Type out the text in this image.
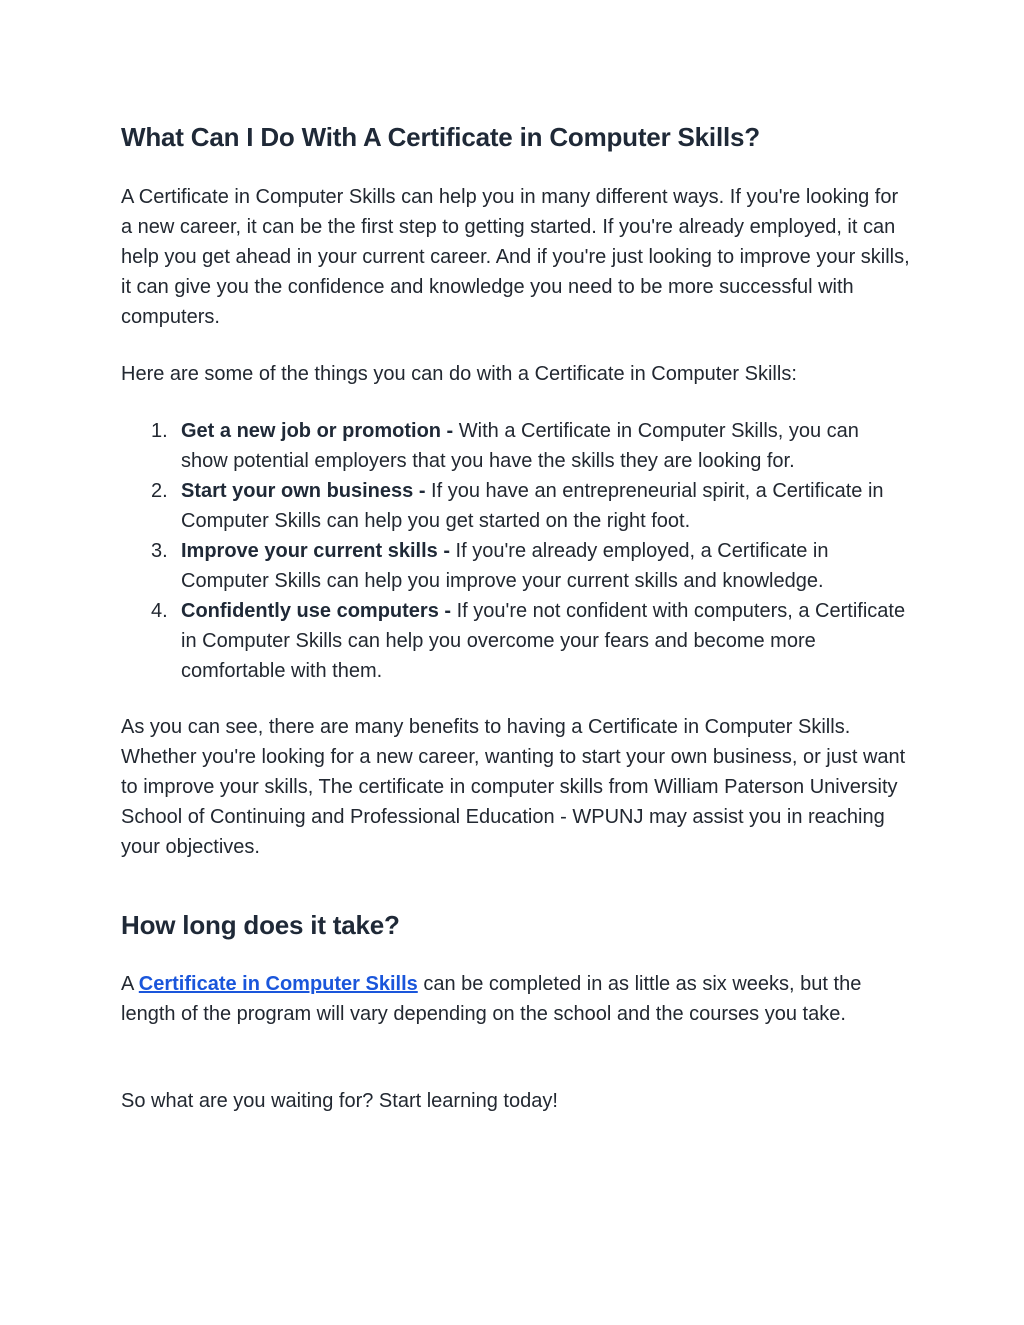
What Can I Do With A Certificate in Computer Skills?

A Certificate in Computer Skills can help you in many different ways. If you're looking for a new career, it can be the first step to getting started. If you're already employed, it can help you get ahead in your current career. And if you're just looking to improve your skills, it can give you the confidence and knowledge you need to be more successful with computers.

Here are some of the things you can do with a Certificate in Computer Skills:

1. Get a new job or promotion - With a Certificate in Computer Skills, you can show potential employers that you have the skills they are looking for.
2. Start your own business - If you have an entrepreneurial spirit, a Certificate in Computer Skills can help you get started on the right foot.
3. Improve your current skills - If you're already employed, a Certificate in Computer Skills can help you improve your current skills and knowledge.
4. Confidently use computers - If you're not confident with computers, a Certificate in Computer Skills can help you overcome your fears and become more comfortable with them.

As you can see, there are many benefits to having a Certificate in Computer Skills. Whether you're looking for a new career, wanting to start your own business, or just want to improve your skills, The certificate in computer skills from William Paterson University School of Continuing and Professional Education - WPUNJ may assist you in reaching your objectives.

How long does it take?

A Certificate in Computer Skills can be completed in as little as six weeks, but the length of the program will vary depending on the school and the courses you take.

So what are you waiting for? Start learning today!
